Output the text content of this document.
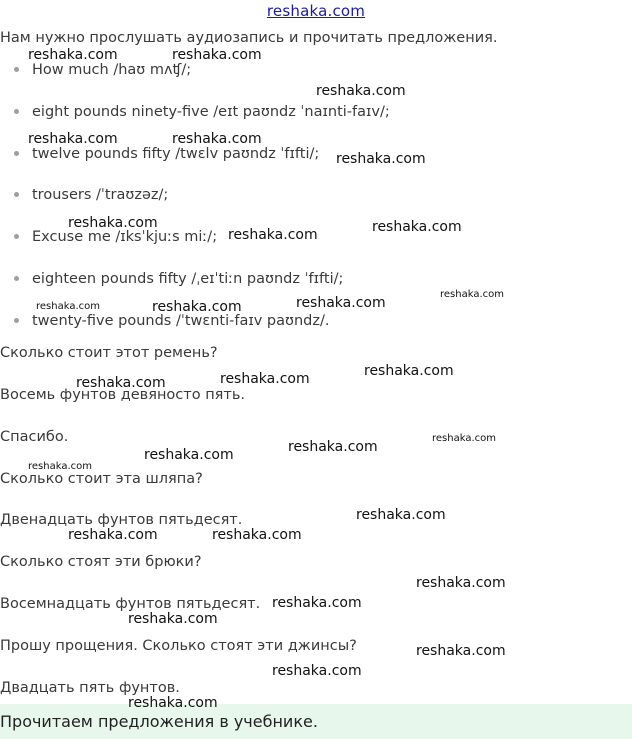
reshaka.com
Нам нужно прослушать аудиозапись и прочитать предложения.
How much /haʊ mʌʧ/;
eight pounds ninety-five /eɪt paʊndz ˈnaɪnti-faɪv/;
twelve pounds fifty /twɛlv paʊndz ˈfɪfti/;
trousers /ˈtraʊzəz/;
Excuse me /ɪksˈkjuːs miː/;
eighteen pounds fifty /ˌeɪˈtiːn paʊndz ˈfɪfti/;
twenty-five pounds /ˈtwɛnti-faɪv paʊndz/.
Сколько стоит этот ремень?
Восемь фунтов девяносто пять.
Спасибо.
Сколько стоит эта шляпа?
Двенадцать фунтов пятьдесят.
Сколько стоят эти брюки?
Восемнадцать фунтов пятьдесят.
Прошу прощения. Сколько стоят эти джинсы?
Двадцать пять фунтов.
Прочитаем предложения в учебнике.
reshaka.com	reshaka.com
reshaka.com
reshaka.com	reshaka.com
reshaka.com
reshaka.com
reshaka.com	reshaka.com
reshaka.com	reshaka.com	reshaka.com
reshaka.com
reshaka.com	reshaka.com	reshaka.com
reshaka.com
reshaka.com
reshaka.com
reshaka.com
reshaka.com
reshaka.com	reshaka.com
reshaka.com
reshaka.com
reshaka.com
reshaka.com
reshaka.com
reshaka.com
